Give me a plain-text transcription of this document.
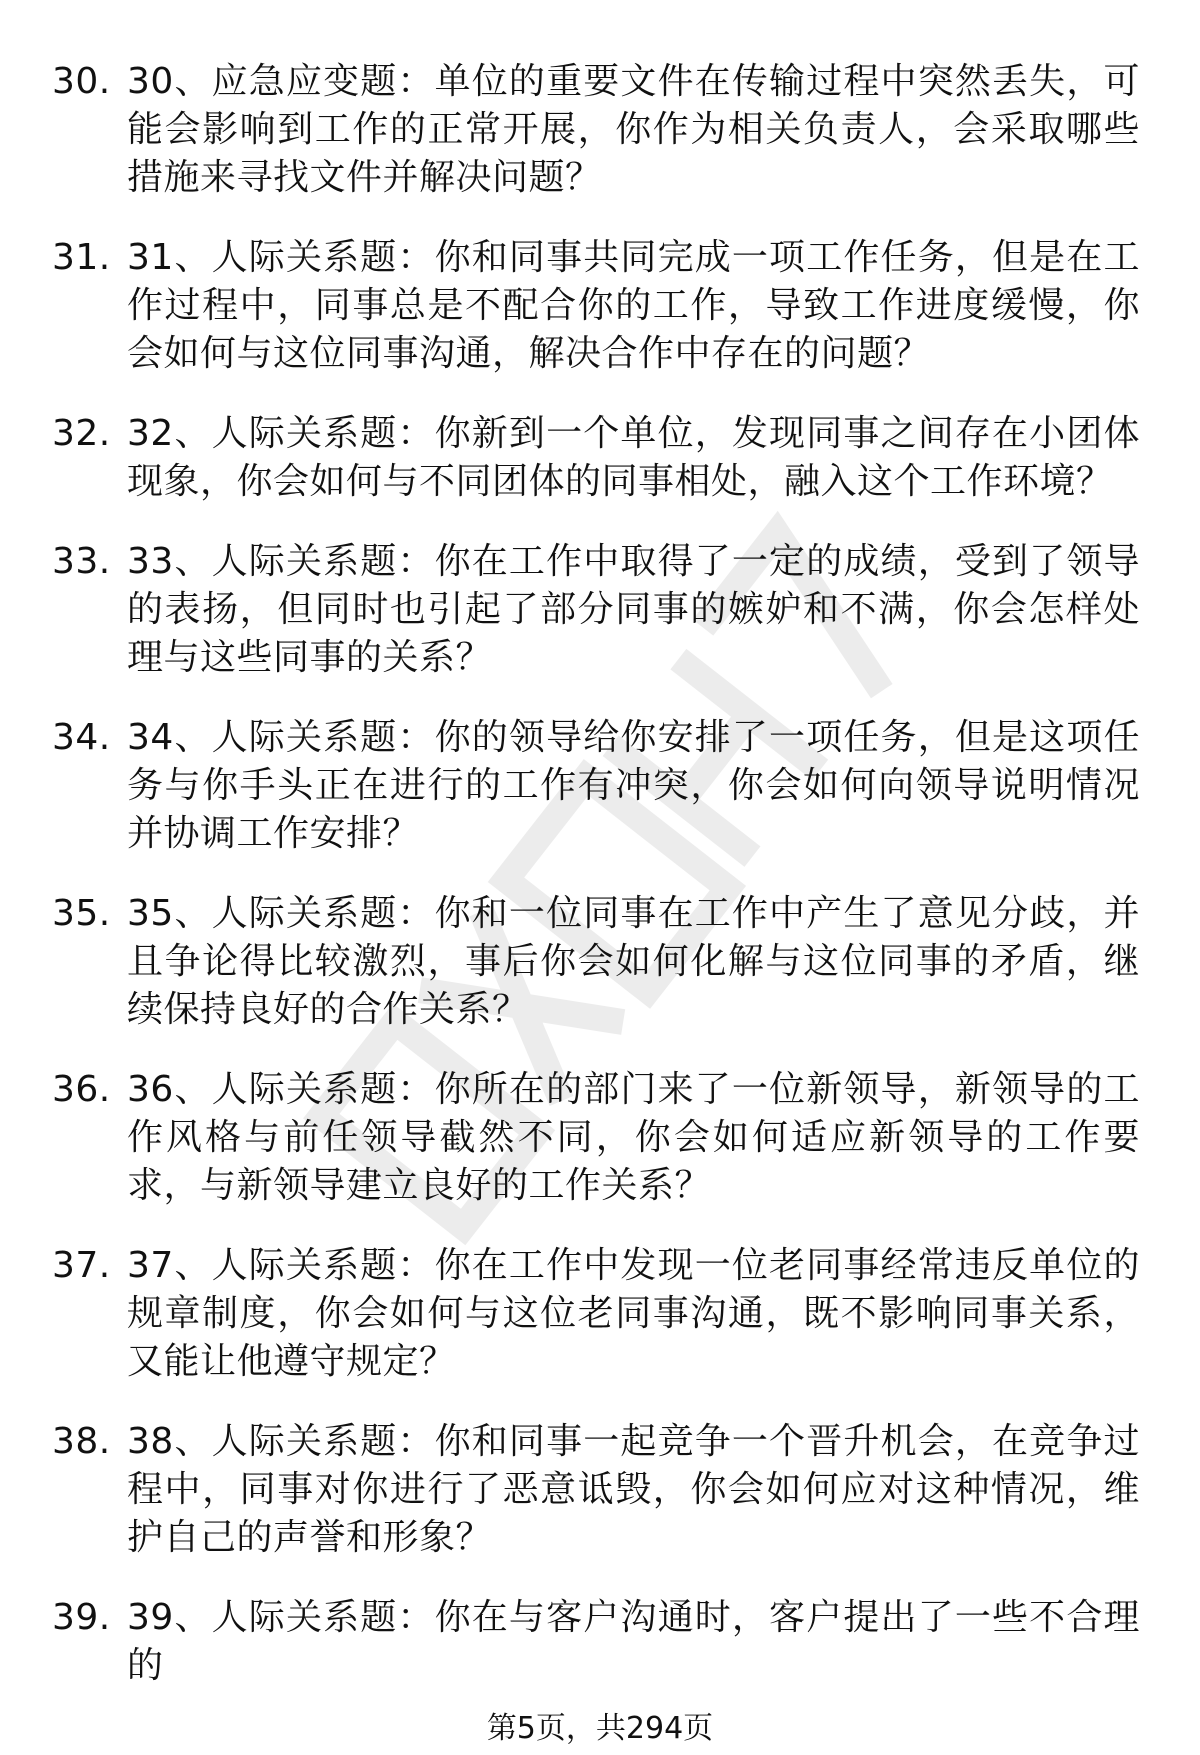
30. 30、应急应变题：单位的重要文件在传输过程中突然丢失，可能会影响到工作的正常开展，你作为相关负责人，会采取哪些措施来寻找文件并解决问题？
31. 31、人际关系题：你和同事共同完成一项工作任务，但是在工作过程中，同事总是不配合你的工作，导致工作进度缓慢，你会如何与这位同事沟通，解决合作中存在的问题？
32. 32、人际关系题：你新到一个单位，发现同事之间存在小团体现象，你会如何与不同团体的同事相处，融入这个工作环境？
33. 33、人际关系题：你在工作中取得了一定的成绩，受到了领导的表扬，但同时也引起了部分同事的嫉妒和不满，你会怎样处理与这些同事的关系？
34. 34、人际关系题：你的领导给你安排了一项任务，但是这项任务与你手头正在进行的工作有冲突，你会如何向领导说明情况并协调工作安排？
35. 35、人际关系题：你和一位同事在工作中产生了意见分歧，并且争论得比较激烈，事后你会如何化解与这位同事的矛盾，继续保持良好的合作关系？
36. 36、人际关系题：你所在的部门来了一位新领导，新领导的工作风格与前任领导截然不同，你会如何适应新领导的工作要求，与新领导建立良好的工作关系？
37. 37、人际关系题：你在工作中发现一位老同事经常违反单位的规章制度，你会如何与这位老同事沟通，既不影响同事关系，又能让他遵守规定？
38. 38、人际关系题：你和同事一起竞争一个晋升机会，在竞争过程中，同事对你进行了恶意诋毁，你会如何应对这种情况，维护自己的声誉和形象？
39. 39、人际关系题：你在与客户沟通时，客户提出了一些不合理的
第5页，共294页
